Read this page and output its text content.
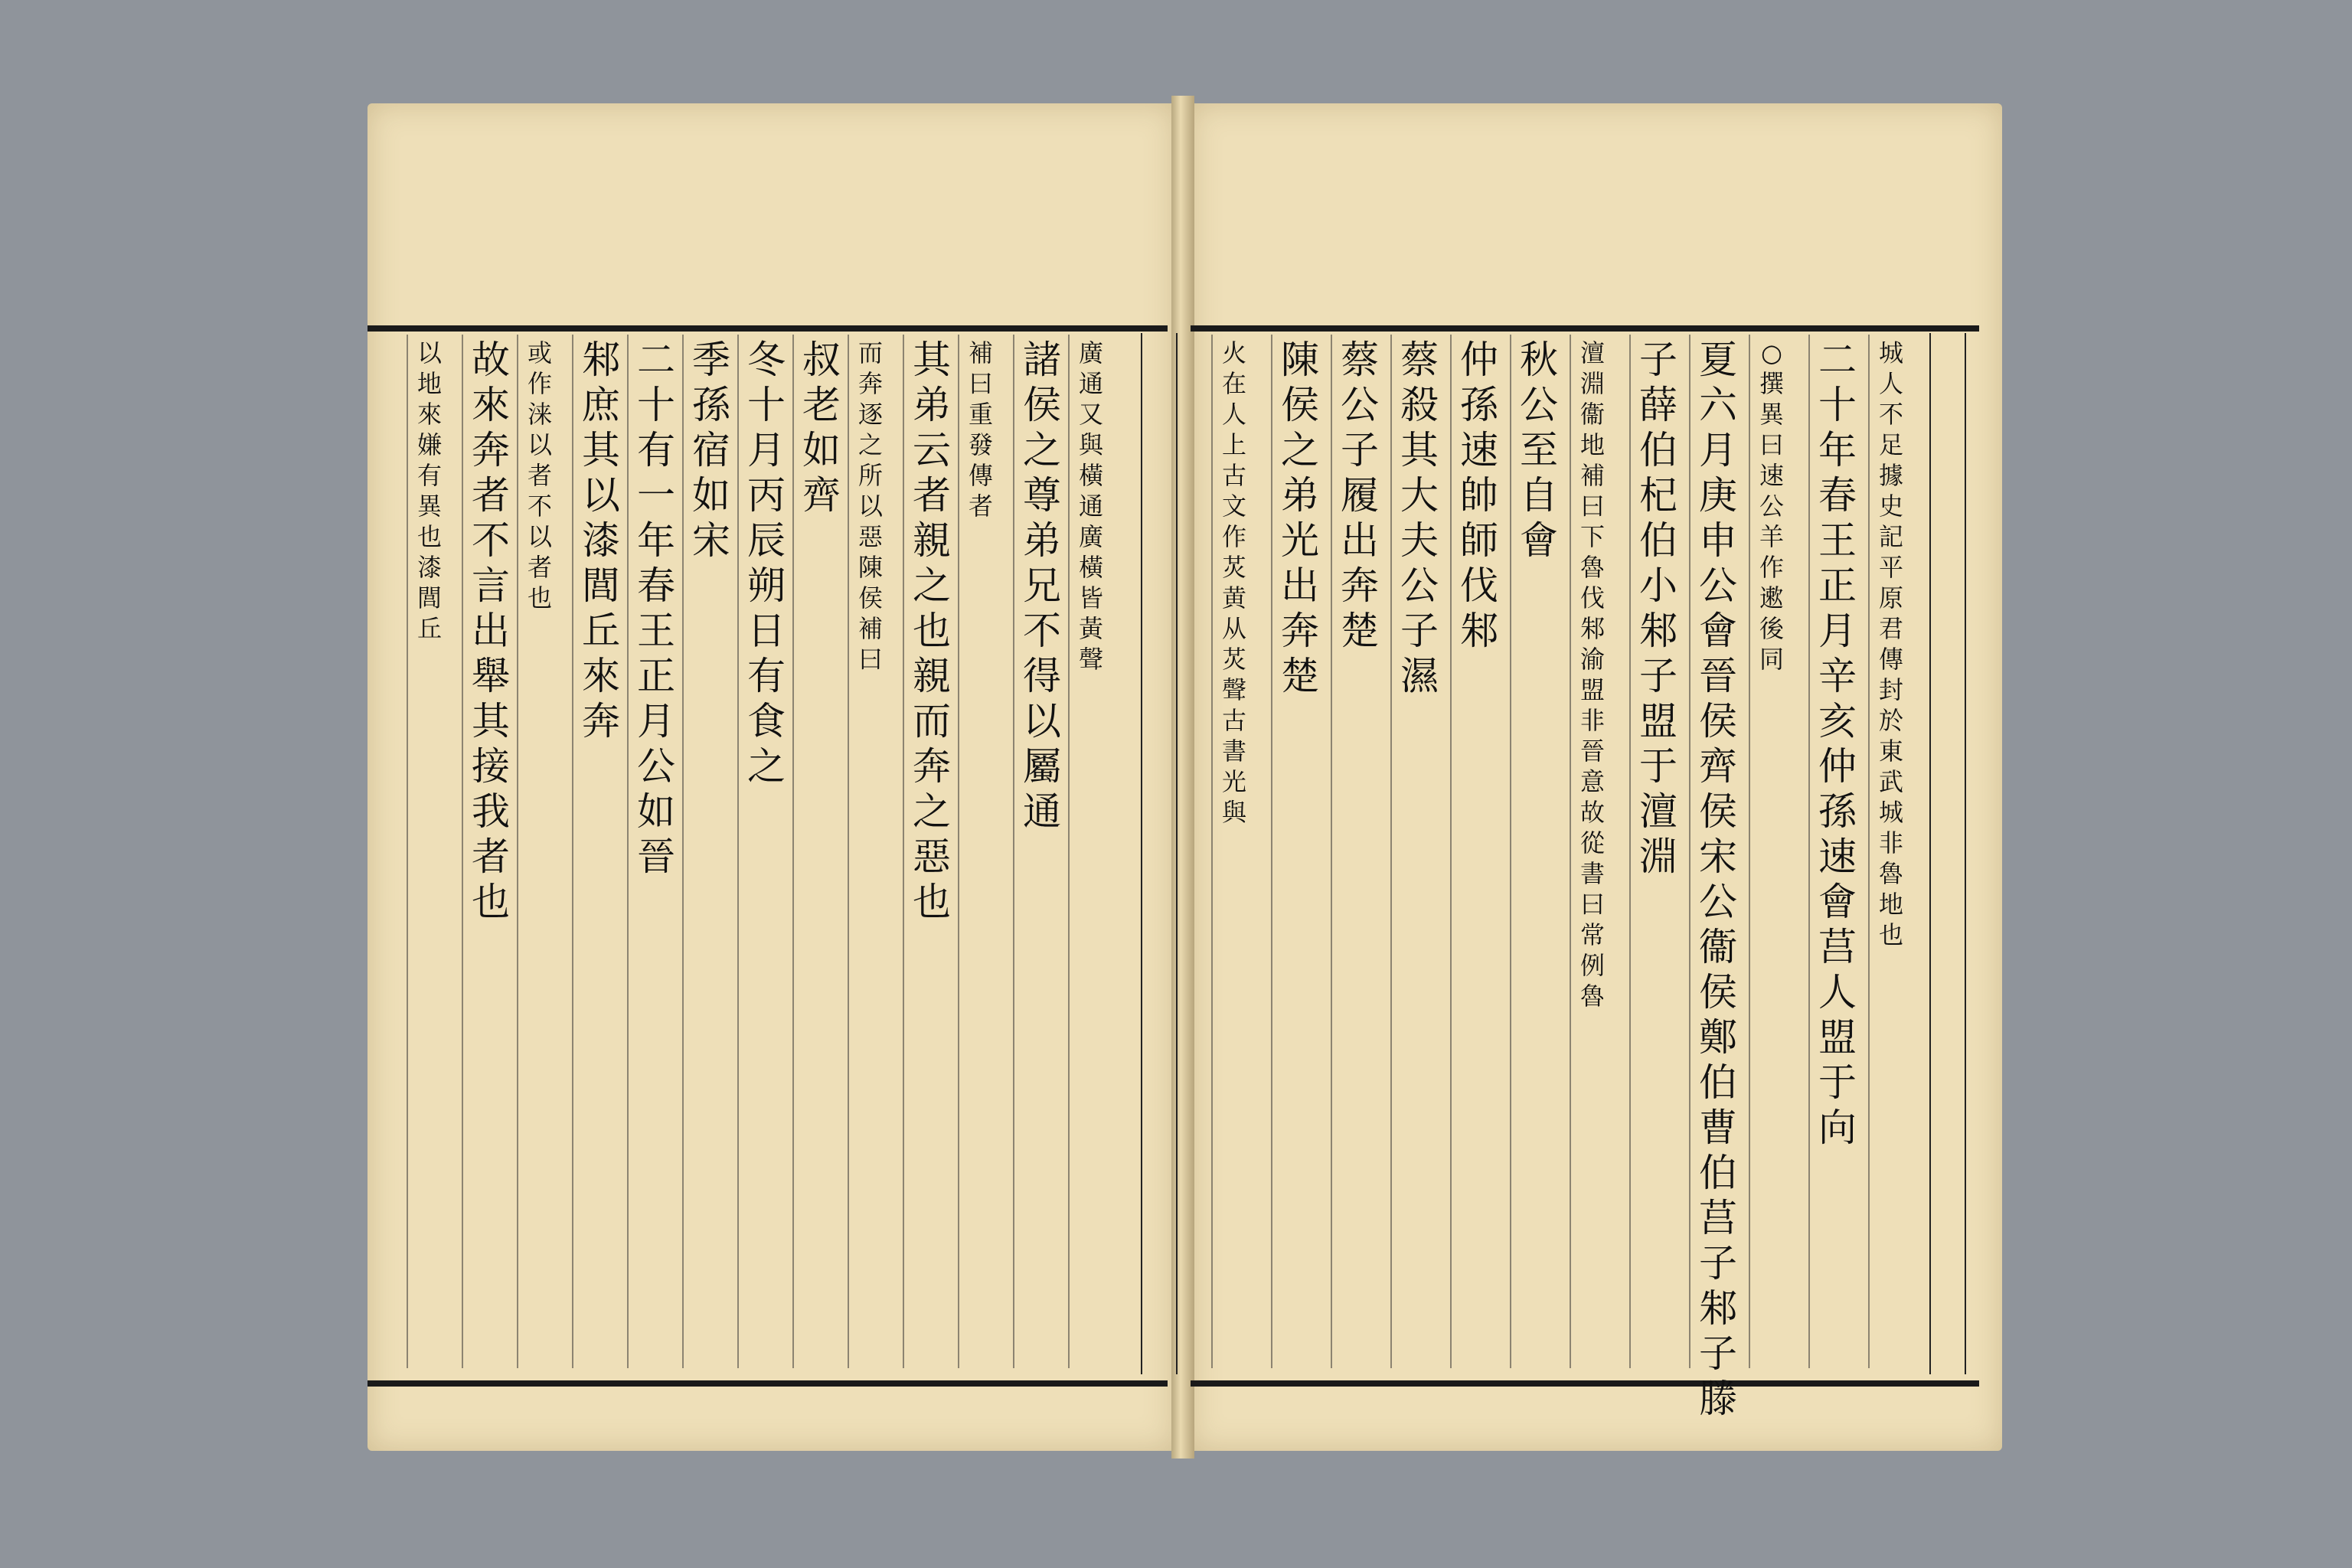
城
人
不
足
據
史
記
平
原
君
傳
封
於
東
武
城
非
魯
地
也
二
十
年
春
王
正
月
辛
亥
仲
孫
速
會
莒
人
盟
于
向
○
撰
異
曰
速
公
羊
作
遬
後
同
夏
六
月
庚
申
公
會
晉
侯
齊
侯
宋
公
衞
侯
鄭
伯
曹
伯
莒
子
邾
子
滕
子
薛
伯
杞
伯
小
邾
子
盟
于
澶
淵
澶
淵
衞
地
補
曰
下
魯
伐
邾
渝
盟
非
晉
意
故
從
書
曰
常
例
魯
秋
公
至
自
會
仲
孫
速
帥
師
伐
邾
蔡
殺
其
大
夫
公
子
濕
蔡
公
子
履
出
奔
楚
陳
侯
之
弟
光
出
奔
楚
火
在
人
上
古
文
作
炗
黄
从
炗
聲
古
書
光
與
廣
通
又
與
橫
通
廣
橫
皆
黃
聲
諸
侯
之
尊
弟
兄
不
得
以
屬
通
補
曰
重
發
傳
者
其
弟
云
者
親
之
也
親
而
奔
之
惡
也
而
奔
逐
之
所
以
惡
陳
侯
補
曰
叔
老
如
齊
冬
十
月
丙
辰
朔
日
有
食
之
季
孫
宿
如
宋
二
十
有
一
年
春
王
正
月
公
如
晉
邾
庶
其
以
漆
閭
丘
來
奔
或
作
涞
以
者
不
以
者
也
故
來
奔
者
不
言
出
舉
其
接
我
者
也
以
地
來
嫌
有
異
也
漆
閭
丘
